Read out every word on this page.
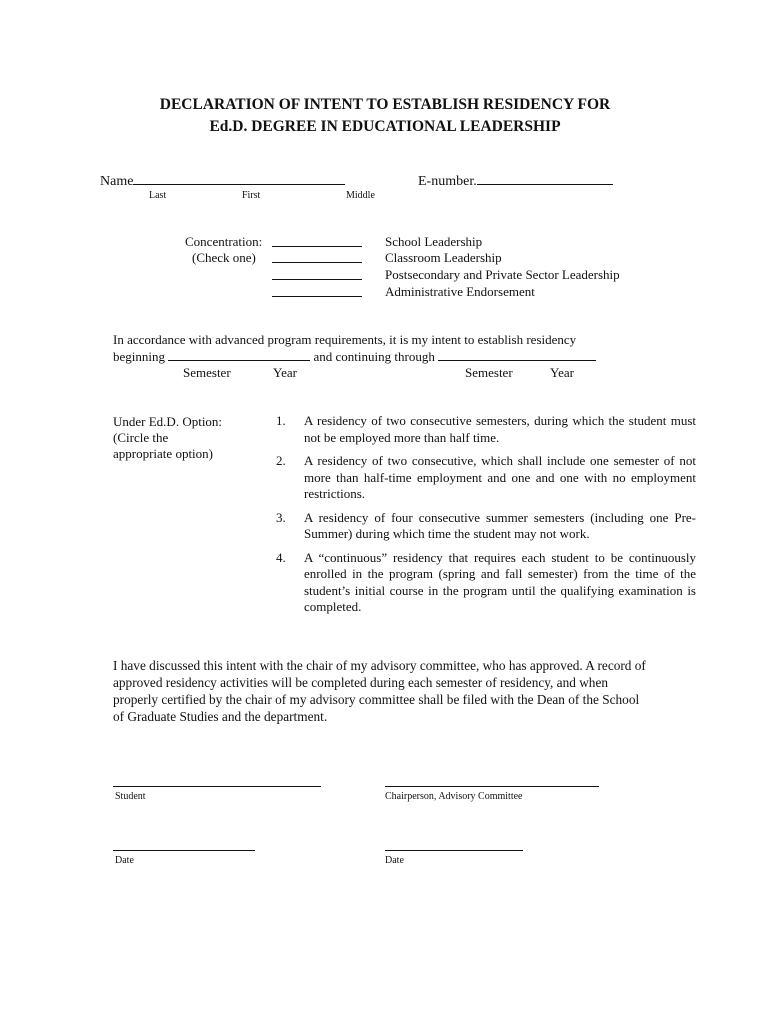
DECLARATION OF INTENT TO ESTABLISH RESIDENCY FOR
Ed.D. DEGREE IN EDUCATIONAL LEADERSHIP
Name	E-number.
Last	First	Middle
Concentration:
(Check one)
School Leadership
Classroom Leadership
Postsecondary and Private Sector Leadership
Administrative Endorsement
In accordance with advanced program requirements, it is my intent to establish residency
beginning	and continuing through
Semester	Year	Semester	Year
Under Ed.D. Option:
(Circle the
appropriate option)
1.	A residency of two consecutive semesters, during which the student must not be employed more than half time.
2.	A residency of two consecutive, which shall include one semester of not more than half-time employment and one and one with no employment restrictions.
3.	A residency of four consecutive summer semesters (including one Pre-Summer) during which time the student may not work.
4.	A “continuous” residency that requires each student to be continuously enrolled in the program (spring and fall semester) from the time of the student’s initial course in the program until the qualifying examination is completed.
I have discussed this intent with the chair of my advisory committee, who has approved. A record of approved residency activities will be completed during each semester of residency, and when properly certified by the chair of my advisory committee shall be filed with the Dean of the School of Graduate Studies and the department.
Student	Chairperson, Advisory Committee
Date	Date
